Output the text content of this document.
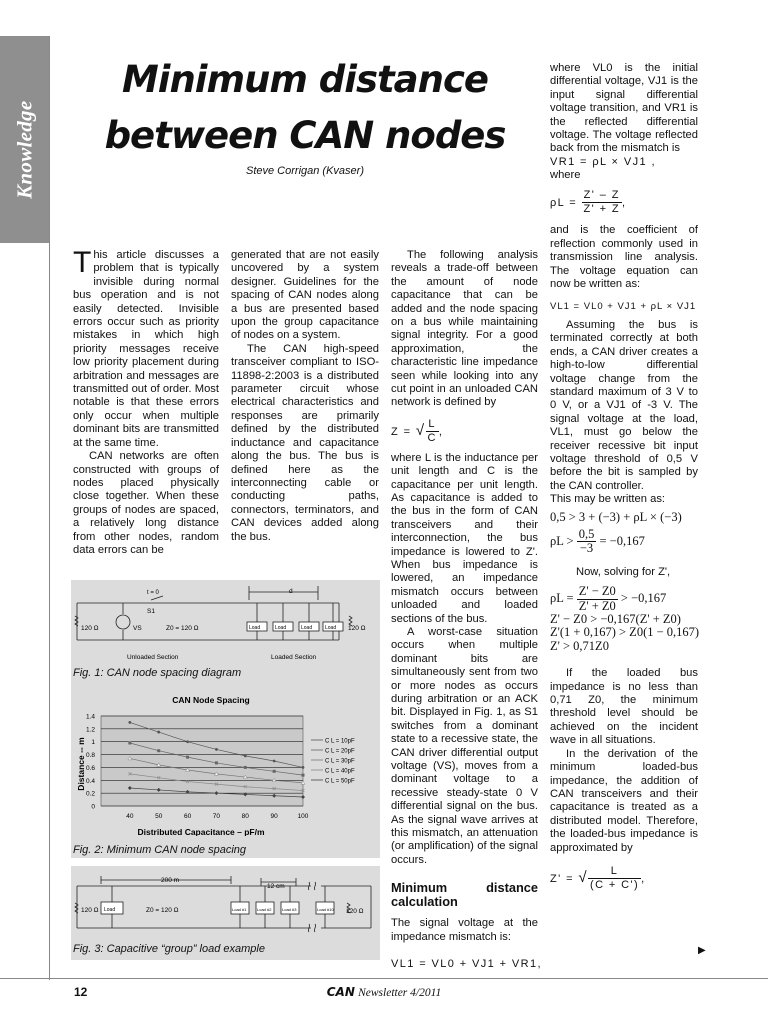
Knowledge
Minimum distance
between CAN nodes
Steve Corrigan (Kvaser)

This article discusses a problem that is typically invisible during normal bus operation and is not easily detected. Invisible errors occur such as priority mistakes in which high priority messages receive low priority placement during arbitration and messages are transmitted out of order. Most notable is that these errors only occur when multiple dominant bits are transmitted at the same time.

CAN networks are often constructed with groups of nodes placed physically close together. When these groups of nodes are spaced, a relatively long distance from other nodes, random data errors can be

generated that are not easily uncovered by a system designer. Guidelines for the spacing of CAN nodes along a bus are presented based upon the group capacitance of nodes on a system.

The CAN high-speed transceiver compliant to ISO-11898-2:2003 is a distributed parameter circuit whose electrical characteristics and responses are primarily defined by the distributed inductance and capacitance along the bus. The bus is defined here as the interconnecting cable or conducting paths, connectors, terminators, and CAN devices added along the bus.

The following analysis reveals a trade-off between the amount of node capacitance that can be added and the node spacing on a bus while maintaining signal integrity. For a good approximation, the characteristic line impedance seen while looking into any cut point in an unloaded CAN network is defined by

Z = √ $\frac{L}{C}$ ,

where L is the inductance per unit length and C is the capacitance per unit length. As capacitance is added to the bus in the form of CAN transceivers and their interconnection, the bus impedance is lowered to Z'. When bus impedance is lowered, an impedance mismatch occurs between unloaded and loaded sections of the bus.

A worst-case situation occurs when multiple dominant bits are simultaneously sent from two or more nodes as occurs during arbitration or an ACK bit. Displayed in Fig. 1, as S1 switches from a dominant state to a recessive state, the CAN driver differential output voltage (VS), moves from a dominant voltage to a recessive steady-state 0 V differential signal on the bus. As the signal wave arrives at this mismatch, an attenuation (or amplification) of the signal occurs.

Minimum distance calculation

The signal voltage at the impedance mismatch is:

VL1 = VL0 + VJ1 + VR1,

where VL0 is the initial differential voltage, VJ1 is the input signal differential voltage transition, and VR1 is the reflected differential voltage. The voltage reflected back from the mismatch is

VR1 = ρL × VJ1 ,

where

$\rho L = \frac{Z' - Z}{Z' + Z}$ ,

and is the coefficient of reflection commonly used in transmission line analysis. The voltage equation can now be written as:

VL1 = VL0 + VJ1 + ρL × VJ1

Assuming the bus is terminated correctly at both ends, a CAN driver creates a high-to-low differential voltage change from the standard maximum of 3 V to 0 V, or a VJ1 of -3 V. The signal voltage at the load, VL1, must go below the receiver recessive bit input voltage threshold of 0,5 V before the bit is sampled by the CAN controller.

This may be written as:

0,5 > 3 + (−3) + ρL × (−3)
$\rho L > \frac{0,5}{-3} = -0,167$

Now, solving for Z',

$\rho L = \frac{Z' - Z0}{Z' + Z0} > -0,167$
Z' − Z0 > −0,167(Z' + Z0)
Z'(1 + 0,167) > Z0(1 − 0,167)
Z' > 0,71Z0

If the loaded bus impedance is no less than 0,71 Z0, the minimum threshold level should be achieved on the incident wave in all situations.

In the derivation of the minimum loaded-bus impedance, the addition of CAN transceivers and their capacitance is treated as a distributed model. Therefore, the loaded-bus impedance is approximated by

Z' = √ $\frac{L}{(C + C')}$ ,
▶
t = 0
S1
120 Ω	VS	Z0 = 120 Ω
d
Load	Load	Load	Load 120 Ω
Unloaded Section	Loaded Section
Fig. 1: CAN node spacing diagram
CAN Node Spacing
0
0.2
0.4
0.6
0.8
1
1.2
1.4
40	50	60	70	80	90	100
C L = 10pF
C L = 20pF
C L = 30pF
C L = 40pF
C L = 50pF
Distributed Capacitance – pF/m
Distance -- m
Fig. 2: Minimum CAN node spacing
200 m
12 cm
120 Ω Load	Z0 = 120 Ω	Load #1	Load #2	Load #3	Load #10 120 Ω
Fig. 3: Capacitive “group” load example
12	CAN Newsletter 4/2011
